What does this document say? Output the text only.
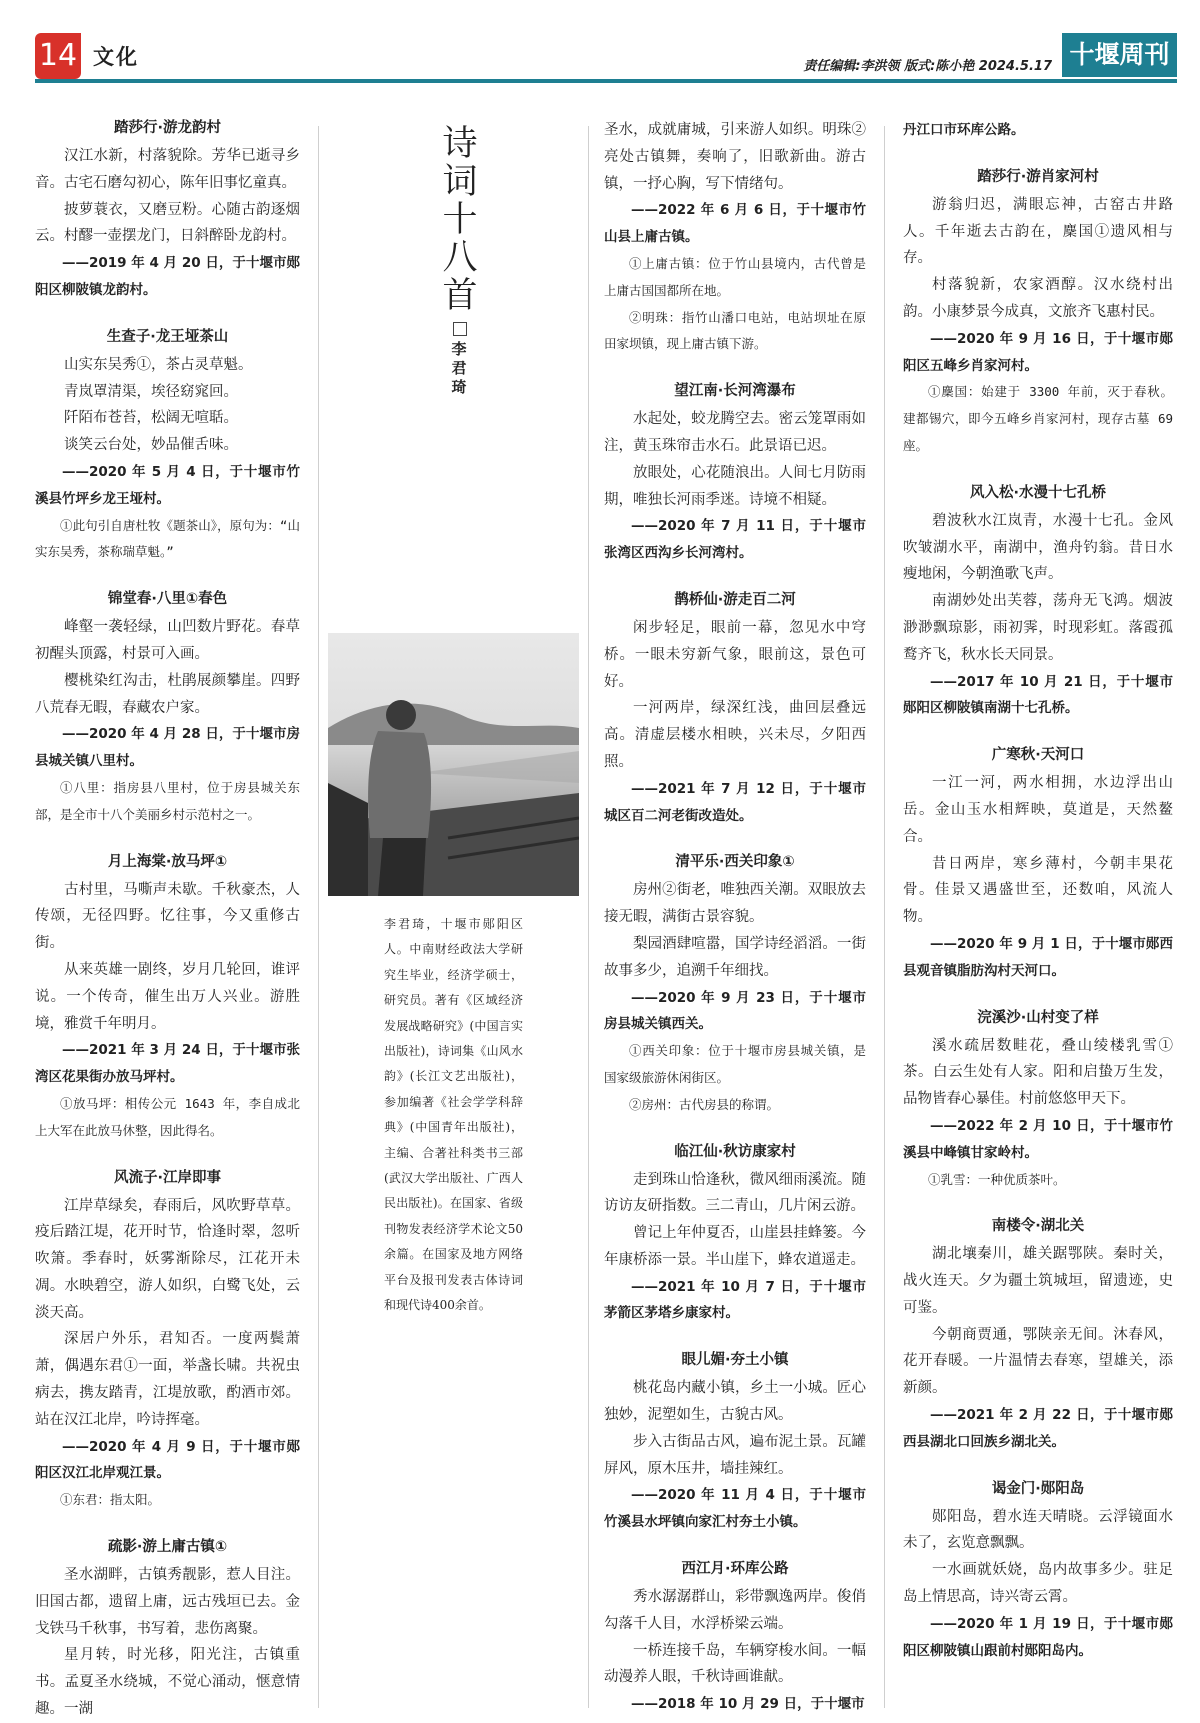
14 文化	责任编辑:李洪领 版式:陈小艳 2024.5.17 十堰周刊
踏莎行·游龙韵村

汉江水新，村落貌除。芳华已逝寻乡音。古宅石磨勾初心，陈年旧事忆童真。

披萝蓑衣，又磨豆粉。心随古韵逐烟云。村醪一壶摆龙门，日斜醉卧龙韵村。

——2019 年 4 月 20 日，于十堰市郧阳区柳陂镇龙韵村。

生查子·龙王垭茶山

山实东吴秀①，茶占灵草魁。

青岚罩清渠，埃径窈窕回。

阡陌布苍苔，松阔无喧聒。

谈笑云台处，妙品催舌味。

——2020 年 5 月 4 日，于十堰市竹溪县竹坪乡龙王垭村。

①此句引自唐杜牧《题茶山》，原句为：“山实东吴秀，茶称瑞草魁。”

锦堂春·八里①春色

峰壑一袭轻绿，山凹数片野花。春草初醒头顶露，村景可入画。

樱桃染红沟击，杜鹃展颜攀崖。四野八荒春无暇，春藏农户家。

——2020 年 4 月 28 日，于十堰市房县城关镇八里村。

①八里：指房县八里村，位于房县城关东部，是全市十八个美丽乡村示范村之一。

月上海棠·放马坪①

古村里，马嘶声未歇。千秋豪杰，人传颂，无径四野。忆往事，今又重修古街。

从来英雄一剧终，岁月几轮回，谁评说。一个传奇，催生出万人兴业。游胜境，雅赏千年明月。

——2021 年 3 月 24 日，于十堰市张湾区花果街办放马坪村。

①放马坪：相传公元 1643 年，李自成北上大军在此放马休整，因此得名。

风流子·江岸即事

江岸草绿矣，春雨后，风吹野草草。疫后踏江堤，花开时节，恰逢时翠，忽听吹箫。季春时，妖雾渐除尽，江花开未凋。水映碧空，游人如织，白鹭飞处，云淡天高。

深居户外乐，君知否。一度两鬓萧萧，偶遇东君①一面，举盏长啸。共祝虫病去，携友踏青，江堤放歌，酌酒市郊。站在汉江北岸，吟诗挥毫。

——2020 年 4 月 9 日，于十堰市郧阳区汉江北岸观江景。

①东君：指太阳。

疏影·游上庸古镇①

圣水湖畔，古镇秀靓影，惹人目注。旧国古都，遗留上庸，远古残垣已去。金戈铁马千秋事，书写着，悲伤离聚。

星月转，时光移，阳光注，古镇重书。孟夏圣水绕城，不觉心涌动，惬意情趣。一湖

诗词十八首
李君琦
李君琦，十堰市郧阳区人。中南财经政法大学研究生毕业，经济学硕士，研究员。著有《区域经济发展战略研究》(中国言实出版社)，诗词集《山风水韵》(长江文艺出版社)，参加编著《社会学学科辞典》(中国青年出版社)，主编、合著社科类书三部(武汉大学出版社、广西人民出版社)。在国家、省级刊物发表经济学术论文50余篇。在国家及地方网络平台及报刊发表古体诗词和现代诗400余首。

圣水，成就庸城，引来游人如织。明珠②亮处古镇舞，奏响了，旧歌新曲。游古镇，一抒心胸，写下情绪句。

——2022 年 6 月 6 日，于十堰市竹山县上庸古镇。

①上庸古镇：位于竹山县境内，古代曾是上庸古国国都所在地。

②明珠：指竹山潘口电站，电站坝址在原田家坝镇，现上庸古镇下游。

望江南·长河湾瀑布

水起处，蛟龙腾空去。密云笼罩雨如注，黄玉珠帘击水石。此景语已迟。

放眼处，心花随浪出。人间七月防雨期，唯独长河雨季迷。诗境不相疑。

——2020 年 7 月 11 日，于十堰市张湾区西沟乡长河湾村。

鹊桥仙·游走百二河

闲步轻足，眼前一幕，忽见水中穹桥。一眼未穷新气象，眼前这，景色可好。

一河两岸，绿深红浅，曲回层叠远高。清虚层楼水相映，兴未尽，夕阳西照。

——2021 年 7 月 12 日，于十堰市城区百二河老街改造处。

清平乐·西关印象①

房州②街老，唯独西关潮。双眼放去接无暇，满街古景容貌。

梨园酒肆喧嚣，国学诗经滔滔。一街故事多少，追溯千年细找。

——2020 年 9 月 23 日，于十堰市房县城关镇西关。

①西关印象：位于十堰市房县城关镇，是国家级旅游休闲街区。

②房州：古代房县的称谓。

临江仙·秋访康家村

走到珠山恰逢秋，微风细雨溪流。随访访友研指数。三二青山，几片闲云游。

曾记上年仲夏否，山崖县挂蜂篓。今年康桥添一景。半山崖下，蜂农道遥走。

——2021 年 10 月 7 日，于十堰市茅箭区茅塔乡康家村。

眼儿媚·夯土小镇

桃花岛内藏小镇，乡土一小城。匠心独妙，泥塑如生，古貌古风。

步入古街品古风，遍布泥土景。瓦罐屏风，原木压井，墙挂辣红。

——2020 年 11 月 4 日，于十堰市竹溪县水坪镇向家汇村夯土小镇。

西江月·环库公路

秀水潺潺群山，彩带飘逸两岸。俊俏勾落千人目，水浮桥梁云端。

一桥连接千岛，车辆穿梭水间。一幅动漫养人眼，千秋诗画谁献。

——2018 年 10 月 29 日，于十堰市

丹江口市环库公路。

踏莎行·游肖家河村

游翁归迟，满眼忘神，古窑古井路人。千年逝去古韵在，麇国①遗风相与存。

村落貌新，农家酒醇。汉水绕村出韵。小康梦景今成真，文旅齐飞惠村民。

——2020 年 9 月 16 日，于十堰市郧阳区五峰乡肖家河村。

①麇国：始建于 3300 年前，灭于春秋。建都锡穴，即今五峰乡肖家河村，现存古墓 69 座。

风入松·水漫十七孔桥

碧波秋水江岚青，水漫十七孔。金风吹皱湖水平，南湖中，渔舟钓翁。昔日水瘦地闲，今朝渔歌飞声。

南湖妙处出芙蓉，荡舟无飞鸿。烟波渺渺飘琼影，雨初霁，时现彩虹。落霞孤鹜齐飞，秋水长天同景。

——2017 年 10 月 21 日，于十堰市郧阳区柳陂镇南湖十七孔桥。

广寒秋·天河口

一江一河，两水相拥，水边浮出山岳。金山玉水相辉映，莫道是，天然鳌合。

昔日两岸，寒乡薄村，今朝丰果花骨。佳景又遇盛世至，还数咱，风流人物。

——2020 年 9 月 1 日，于十堰市郧西县观音镇脂肪沟村天河口。

浣溪沙·山村变了样

溪水疏居数畦花，叠山绫楼乳雪①茶。白云生处有人家。阳和启蛰万生发，品物皆春心暴佳。村前悠悠甲天下。

——2022 年 2 月 10 日，于十堰市竹溪县中峰镇甘家岭村。

①乳雪：一种优质茶叶。

南楼令·湖北关

湖北壤秦川，雄关踞鄂陕。秦时关，战火连天。夕为疆土筑城垣，留遗迹，史可鉴。

今朝商贾通，鄂陕亲无间。沐春风，花开春暖。一片温情去春寒，望雄关，添新颜。

——2021 年 2 月 22 日，于十堰市郧西县湖北口回族乡湖北关。

谒金门·郧阳岛

郧阳岛，碧水连天晴晓。云浮镜面水未了，玄览意飘飘。

一水画就妖娆，岛内故事多少。驻足岛上情思高，诗兴寄云霄。

——2020 年 1 月 19 日，于十堰市郧阳区柳陂镇山跟前村郧阳岛内。
